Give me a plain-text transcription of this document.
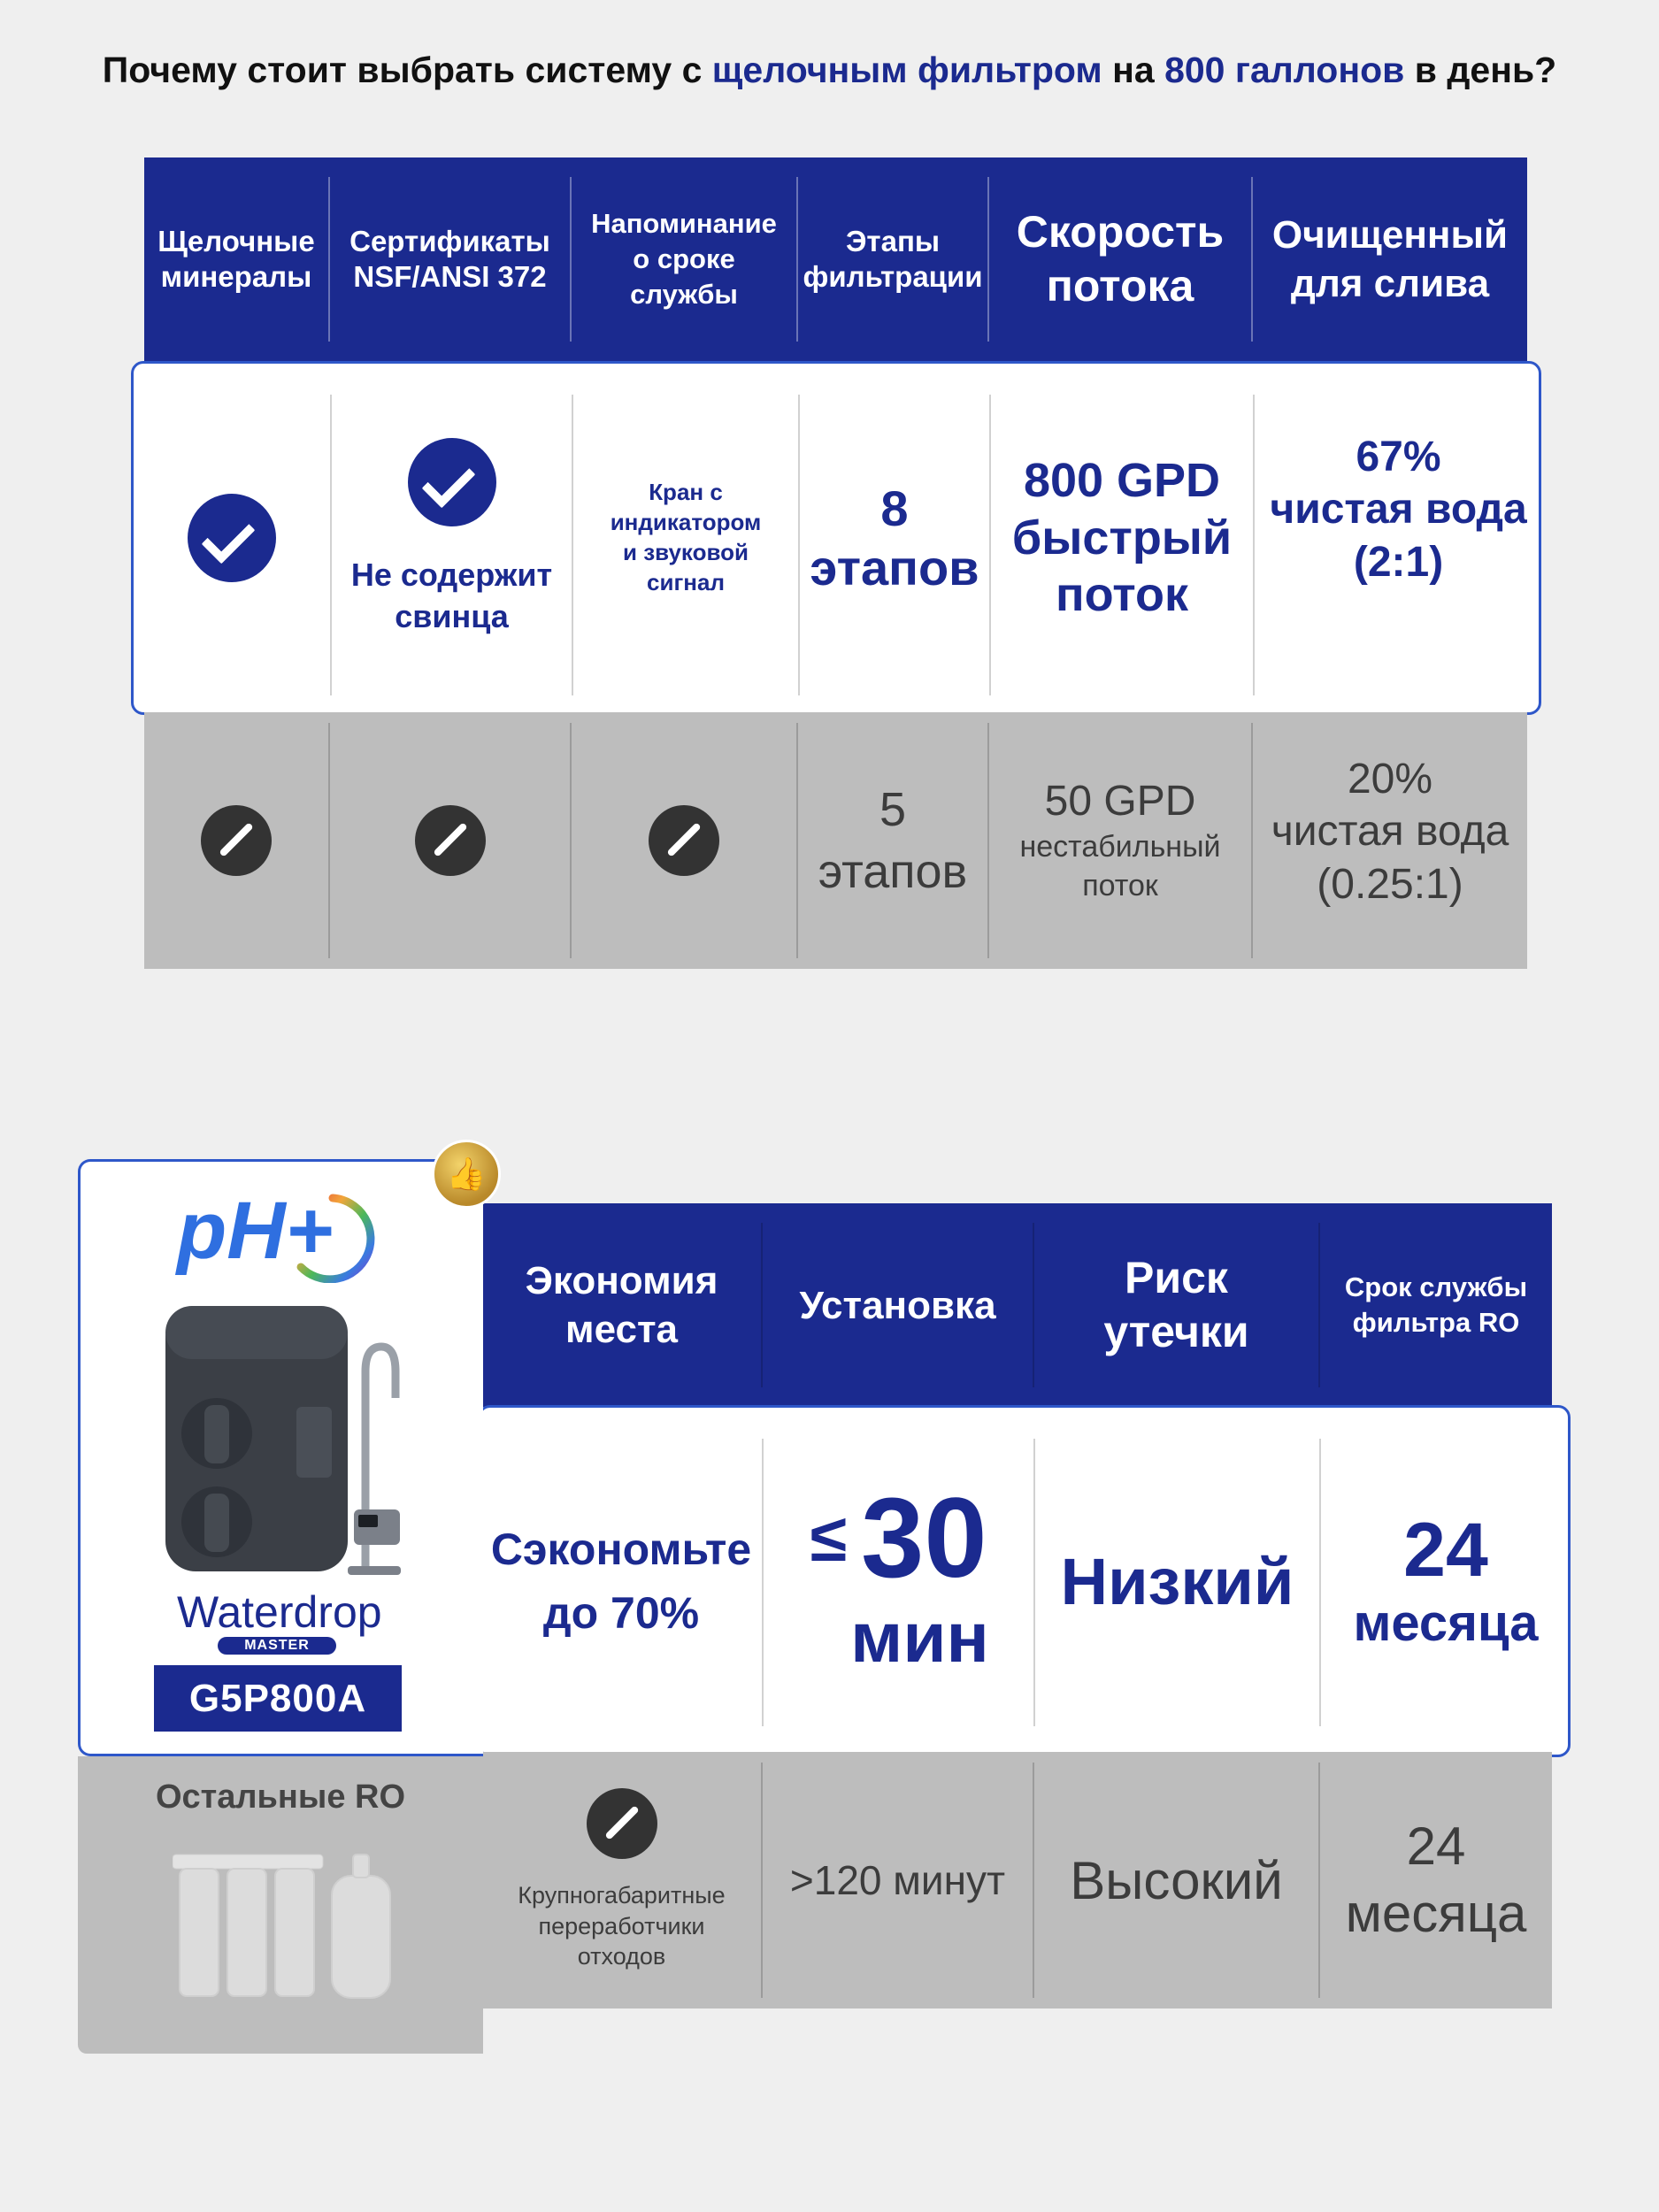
Почему стоит выбрать систему с щелочным фильтром на 800 галлонов в день?
Щелочные минералы
Сертификаты NSF/ANSI 372
Напоминание о сроке службы
Этапы фильтрации
Скорость потока
Очищенный для слива
Не содержит свинца
Кран с индикатором и звуковой сигнал
8 этапов
800 GPD быстрый поток
67%
чистая вода
(2:1)
5 этапов
50 GPD
нестабильный поток
20%
чистая вода
(0.25:1)
Экономия места
Установка
Риск утечки
Срок службы фильтра RO
Сэкономьте
до 70%
≤ 30
мин
Низкий	24
месяца
Крупногабаритные переработчики отходов
>120 минут	Высокий
24
месяца
pH+
Waterdrop
MASTER
G5P800A
👍
Остальные RO
